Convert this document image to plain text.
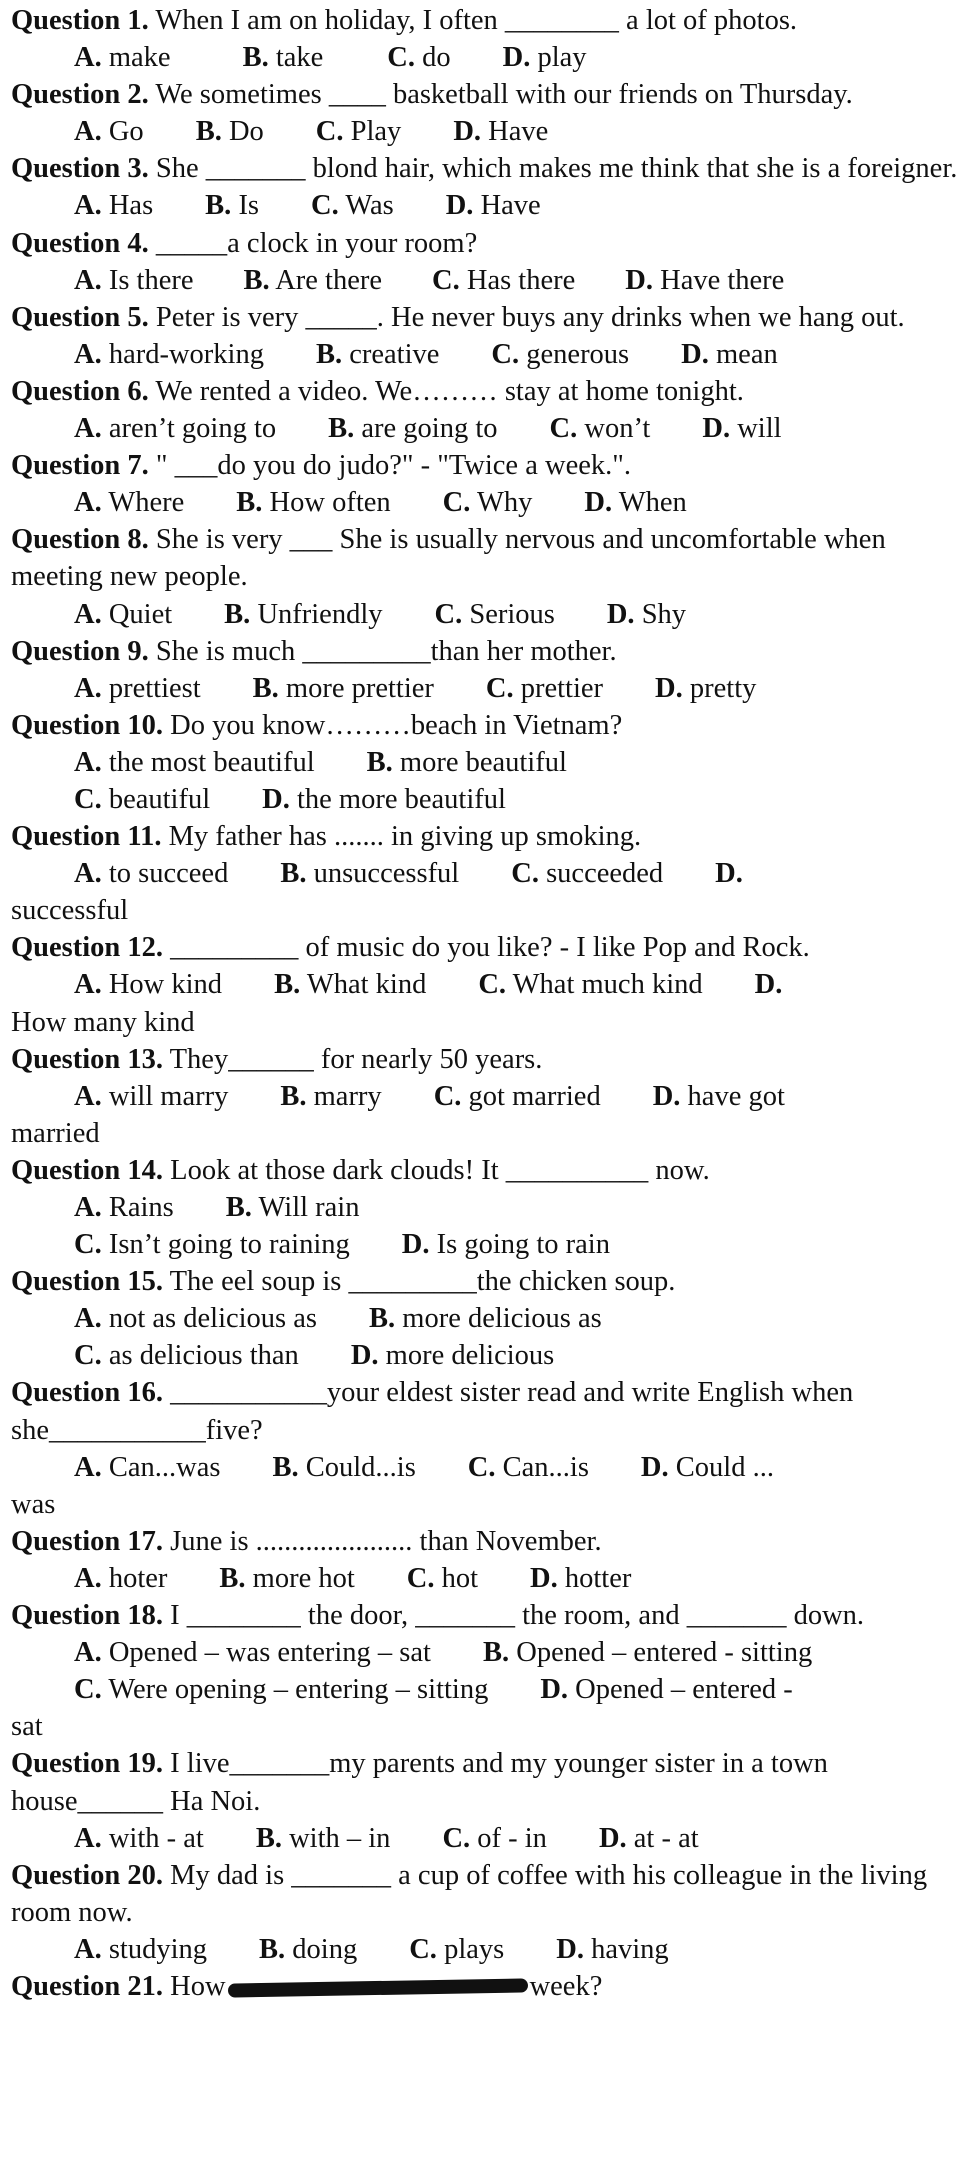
Question 1. When I am on holiday, I often ________ a lot of photos.
A. make	B. take C. do D. play
Question 2. We sometimes ____ basketball with our friends on Thursday.
A. Go B. Do C. Play D. Have
Question 3. She _______ blond hair, which makes me think that she is a foreigner.
A. Has B. Is C. Was D. Have
Question 4. _____a clock in your room?
A. Is there B. Are there C. Has there D. Have there
Question 5. Peter is very _____. He never buys any drinks when we hang out.
A. hard-working B. creative C. generous D. mean
Question 6. We rented a video. We……… stay at home tonight.
A. aren’t going to B. are going to C. won’t D. will
Question 7. " ___do you do judo?" - "Twice a week.".
A. Where B. How often C. Why D. When
Question 8. She is very ___ She is usually nervous and uncomfortable when meeting new people.
A. Quiet B. Unfriendly C. Serious D. Shy
Question 9. She is much _________than her mother.
A. prettiest B. more prettier C. prettier D. pretty
Question 10. Do you know………beach in Vietnam?
A. the most beautiful B. more beautiful
C. beautiful D. the more beautiful
Question 11. My father has ....... in giving up smoking.
A. to succeed B. unsuccessful C. succeeded D.
successful
Question 12. _________ of music do you like? - I like Pop and Rock.
A. How kind B. What kind C. What much kind D.
How many kind
Question 13. They______ for nearly 50 years.
A. will marry B. marry C. got married D. have got
married
Question 14. Look at those dark clouds! It __________ now.
A. Rains B. Will rain
C. Isn’t going to raining D. Is going to rain
Question 15. The eel soup is _________the chicken soup.
A. not as delicious as B. more delicious as
C. as delicious than D. more delicious
Question 16. ___________your eldest sister read and write English when she___________five?
A. Can...was B. Could...is C. Can...is D. Could ...
was
Question 17. June is ...................... than November.
A. hoter B. more hot C. hot D. hotter
Question 18. I ________ the door, _______ the room, and _______ down.
A. Opened – was entering – sat B. Opened – entered - sitting
C. Were opening – entering – sitting D. Opened – entered -
sat
Question 19. I live_______my parents and my younger sister in a town house______ Ha Noi.
A. with - at B. with – in C. of - in D. at - at
Question 20. My dad is _______ a cup of coffee with his colleague in the living room now.
A. studying B. doing C. plays D. having
Question 21. How	week?
